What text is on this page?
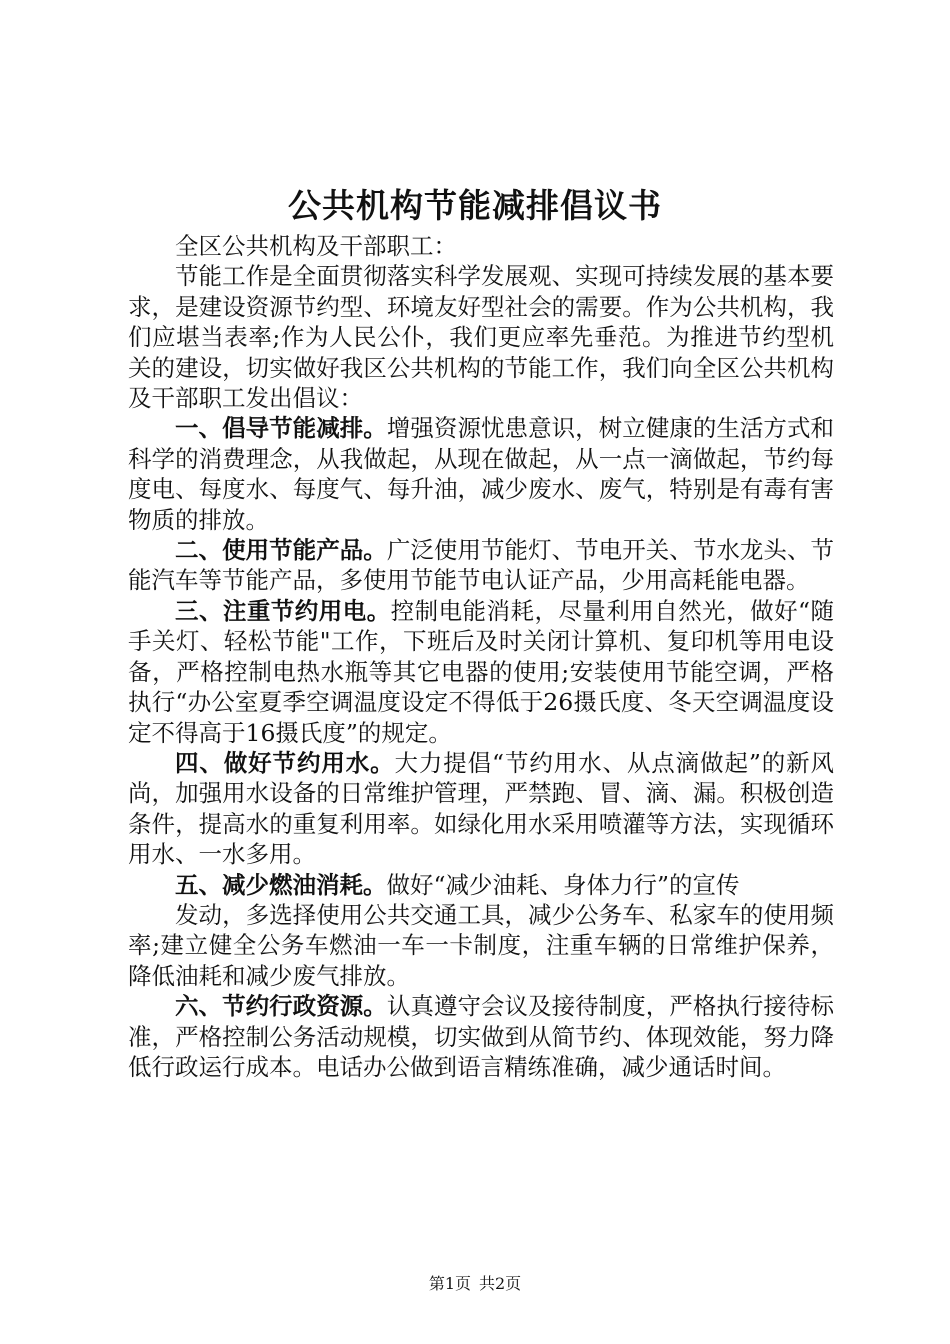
公共机构节能减排倡议书

全区公共机构及干部职工：

节能工作是全面贯彻落实科学发展观、实现可持续发展的基本要求，是建设资源节约型、环境友好型社会的需要。作为公共机构，我们应堪当表率;作为人民公仆，我们更应率先垂范。为推进节约型机关的建设，切实做好我区公共机构的节能工作，我们向全区公共机构及干部职工发出倡议：

一、倡导节能减排。增强资源忧患意识，树立健康的生活方式和科学的消费理念，从我做起，从现在做起，从一点一滴做起，节约每度电、每度水、每度气、每升油，减少废水、废气，特别是有毒有害物质的排放。

二、使用节能产品。广泛使用节能灯、节电开关、节水龙头、节能汽车等节能产品，多使用节能节电认证产品，少用高耗能电器。

三、注重节约用电。控制电能消耗，尽量利用自然光，做好“随手关灯、轻松节能"工作，下班后及时关闭计算机、复印机等用电设备，严格控制电热水瓶等其它电器的使用;安装使用节能空调，严格执行“办公室夏季空调温度设定不得低于26摄氏度、冬天空调温度设定不得高于16摄氏度”的规定。

四、做好节约用水。大力提倡“节约用水、从点滴做起”的新风尚，加强用水设备的日常维护管理，严禁跑、冒、滴、漏。积极创造条件，提高水的重复利用率。如绿化用水采用喷灌等方法，实现循环用水、一水多用。

五、减少燃油消耗。做好“减少油耗、身体力行”的宣传

发动，多选择使用公共交通工具，减少公务车、私家车的使用频率;建立健全公务车燃油一车一卡制度，注重车辆的日常维护保养，降低油耗和减少废气排放。

六、节约行政资源。认真遵守会议及接待制度，严格执行接待标准，严格控制公务活动规模，切实做到从简节约、体现效能，努力降低行政运行成本。电话办公做到语言精练准确，减少通话时间。

第1页 共2页
